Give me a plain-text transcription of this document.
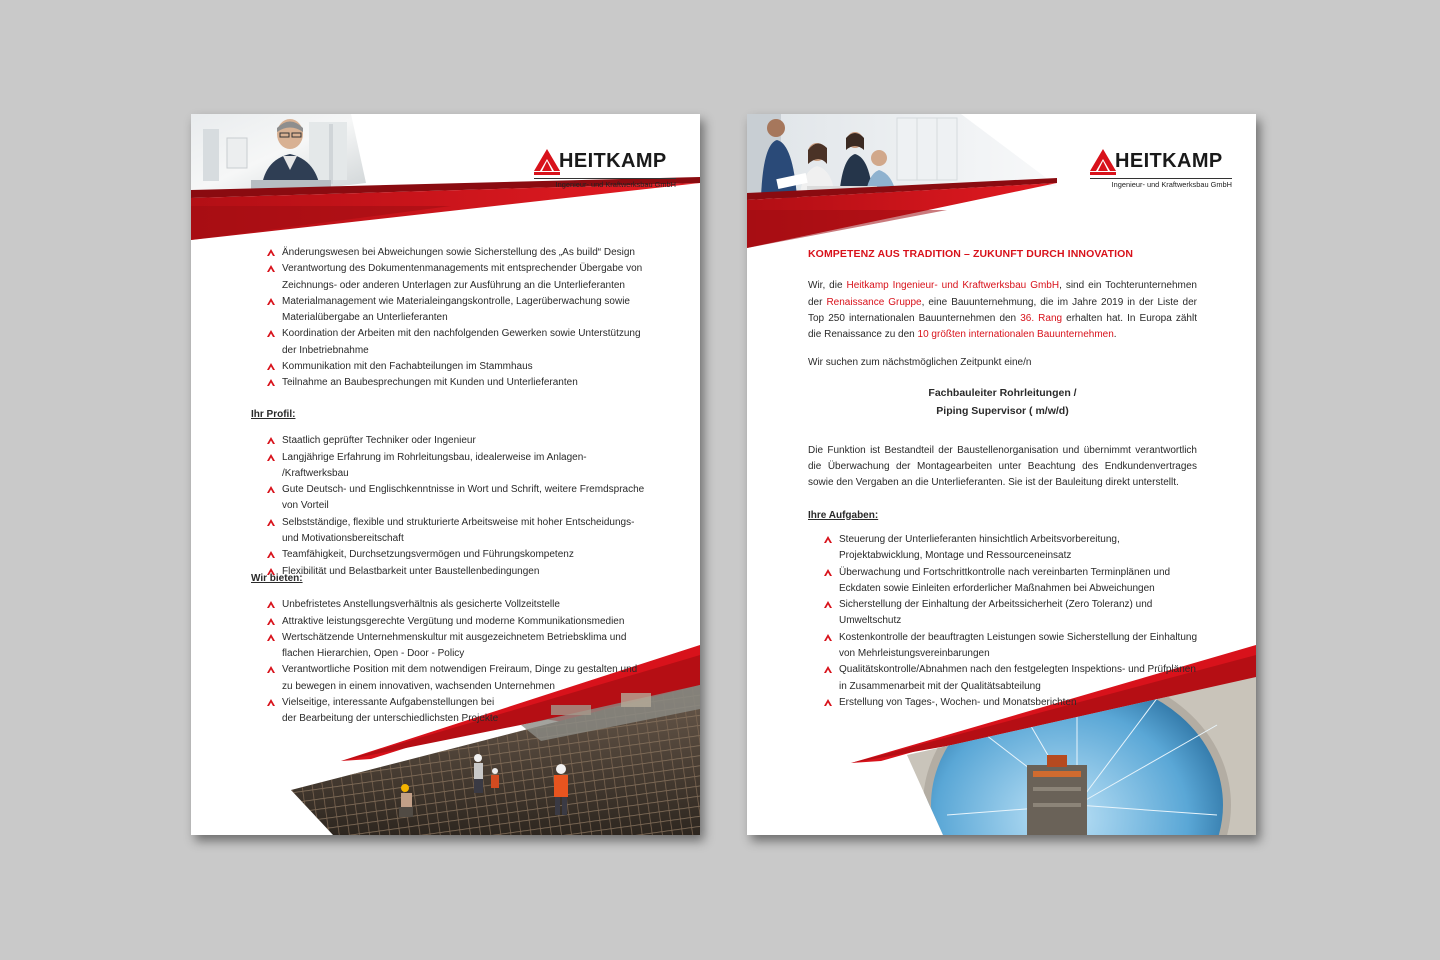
HEITKAMP
Ingenieur- und Kraftwerksbau GmbH
Änderungswesen bei Abweichungen sowie Sicherstellung des „As build“ Design
Verantwortung des Dokumentenmanagements mit entsprechender Übergabe von Zeichnungs- oder anderen Unterlagen zur Ausführung an die Unterlieferanten
Materialmanagement wie Materialeingangskontrolle, Lagerüberwachung sowie Materialübergabe an Unterlieferanten
Koordination der Arbeiten mit den nachfolgenden Gewerken sowie Unterstützung der Inbetriebnahme
Kommunikation mit den Fachabteilungen im Stammhaus
Teilnahme an Baubesprechungen mit Kunden und Unterlieferanten

Ihr Profil:

Staatlich geprüfter Techniker oder Ingenieur
Langjährige Erfahrung im Rohrleitungsbau, idealerweise im Anlagen- /Kraftwerksbau
Gute Deutsch- und Englischkenntnisse in Wort und Schrift, weitere Fremdsprache von Vorteil
Selbstständige, flexible und strukturierte Arbeitsweise mit hoher Entscheidungs- und Motivationsbereitschaft
Teamfähigkeit, Durchsetzungsvermögen und Führungskompetenz
Flexibilität und Belastbarkeit unter Baustellenbedingungen

Wir bieten:

Unbefristetes Anstellungsverhältnis als gesicherte Vollzeitstelle
Attraktive leistungsgerechte Vergütung und moderne Kommunikationsmedien
Wertschätzende Unternehmenskultur mit ausgezeichnetem Betriebsklima und flachen Hierarchien, Open - Door - Policy
Verantwortliche Position mit dem notwendigen Freiraum, Dinge zu gestalten und zu bewegen in einem innovativen, wachsenden Unternehmen
Vielseitige, interessante Aufgabenstellungen bei der Bearbeitung der unterschiedlichsten Projekte
HEITKAMP
Ingenieur- und Kraftwerksbau GmbH

KOMPETENZ AUS TRADITION – ZUKUNFT DURCH INNOVATION

Wir, die Heitkamp Ingenieur- und Kraftwerksbau GmbH, sind ein Tochterunternehmen der Renaissance Gruppe, eine Bauunternehmung, die im Jahre 2019 in der Liste der Top 250 internationalen Bauunternehmen den 36. Rang erhalten hat. In Europa zählt die Renaissance zu den 10 größten internationalen Bauunternehmen.

Wir suchen zum nächstmöglichen Zeitpunkt eine/n

Fachbauleiter Rohrleitungen /

Piping Supervisor ( m/w/d)

Die Funktion ist Bestandteil der Baustellenorganisation und übernimmt verantwortlich die Überwachung der Montagearbeiten unter Beachtung des Endkundenvertrages sowie den Vergaben an die Unterlieferanten. Sie ist der Bauleitung direkt unterstellt.

Ihre Aufgaben:

Steuerung der Unterlieferanten hinsichtlich Arbeitsvorbereitung, Projektabwicklung, Montage und Ressourceneinsatz
Überwachung und Fortschrittkontrolle nach vereinbarten Terminplänen und Eckdaten sowie Einleiten erforderlicher Maßnahmen bei Abweichungen
Sicherstellung der Einhaltung der Arbeitssicherheit (Zero Toleranz) und Umweltschutz
Kostenkontrolle der beauftragten Leistungen sowie Sicherstellung der Einhaltung von Mehrleistungsvereinbarungen
Qualitätskontrolle/Abnahmen nach den festgelegten Inspektions- und Prüfplänen in Zusammenarbeit mit der Qualitätsabteilung
Erstellung von Tages-, Wochen- und Monatsberichten
